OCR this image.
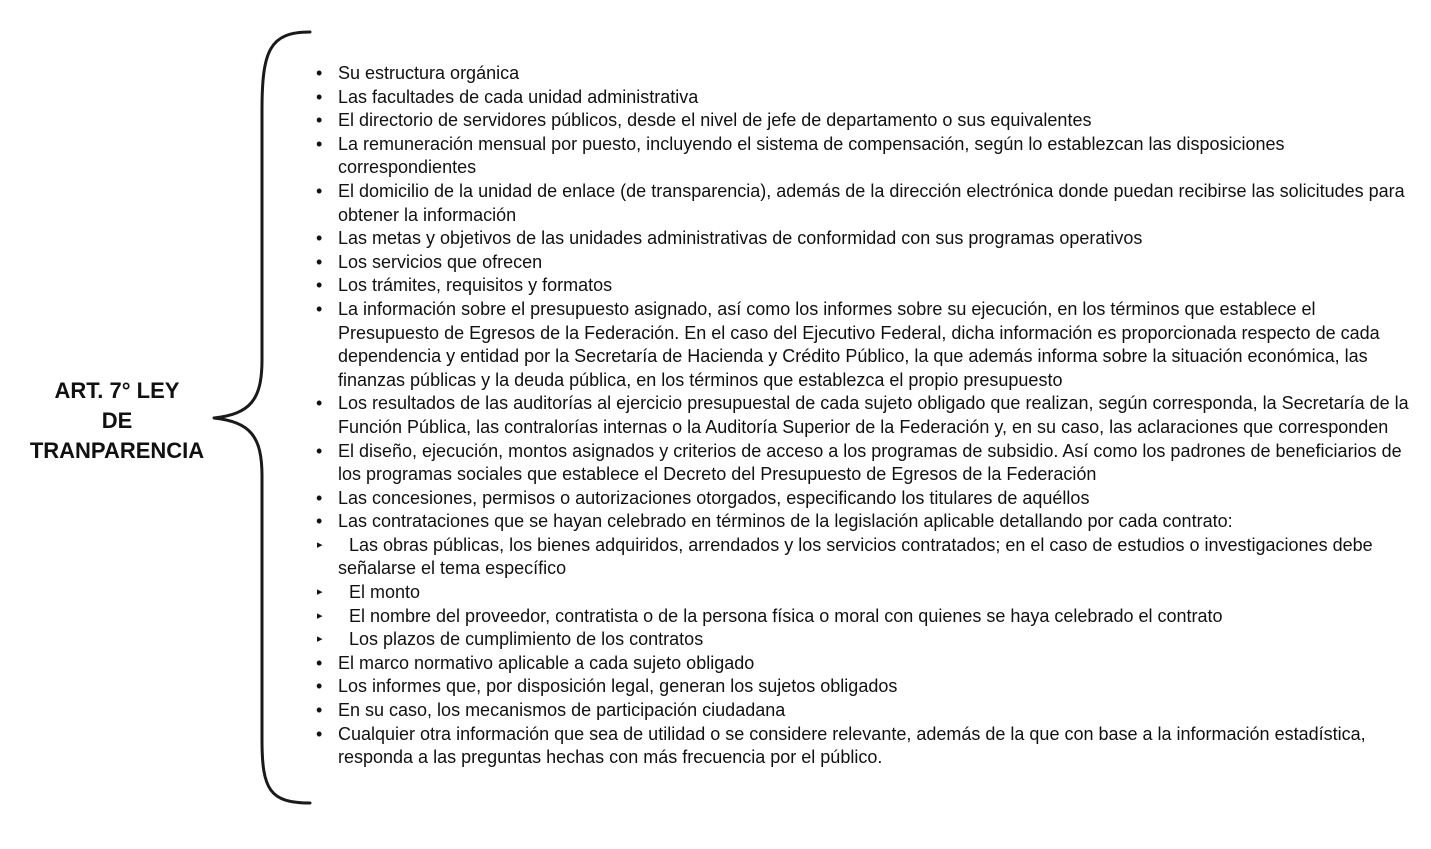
ART. 7° LEY
DE
TRANPARENCIA
• Su estructura orgánica
• Las facultades de cada unidad administrativa
• El directorio de servidores públicos, desde el nivel de jefe de departamento o sus equivalentes
• La remuneración mensual por puesto, incluyendo el sistema de compensación, según lo establezcan las disposiciones correspondientes
• El domicilio de la unidad de enlace (de transparencia), además de la dirección electrónica donde puedan recibirse las solicitudes para obtener la información
• Las metas y objetivos de las unidades administrativas de conformidad con sus programas operativos
• Los servicios que ofrecen
• Los trámites, requisitos y formatos
• La información sobre el presupuesto asignado, así como los informes sobre su ejecución, en los términos que establece el Presupuesto de Egresos de la Federación. En el caso del Ejecutivo Federal, dicha información es proporcionada respecto de cada dependencia y entidad por la Secretaría de Hacienda y Crédito Público, la que además informa sobre la situación económica, las finanzas públicas y la deuda pública, en los términos que establezca el propio presupuesto
• Los resultados de las auditorías al ejercicio presupuestal de cada sujeto obligado que realizan, según corresponda, la Secretaría de la Función Pública, las contralorías internas o la Auditoría Superior de la Federación y, en su caso, las aclaraciones que corresponden
• El diseño, ejecución, montos asignados y criterios de acceso a los programas de subsidio. Así como los padrones de beneficiarios de los programas sociales que establece el Decreto del Presupuesto de Egresos de la Federación
• Las concesiones, permisos o autorizaciones otorgados, especificando los titulares de aquéllos
• Las contrataciones que se hayan celebrado en términos de la legislación aplicable detallando por cada contrato:
▸	Las obras públicas, los bienes adquiridos, arrendados y los servicios contratados; en el caso de estudios o investigaciones debe señalarse el tema específico
▸	El monto
▸	El nombre del proveedor, contratista o de la persona física o moral con quienes se haya celebrado el contrato
▸	Los plazos de cumplimiento de los contratos
• El marco normativo aplicable a cada sujeto obligado
• Los informes que, por disposición legal, generan los sujetos obligados
• En su caso, los mecanismos de participación ciudadana
• Cualquier otra información que sea de utilidad o se considere relevante, además de la que con base a la información estadística, responda a las preguntas hechas con más frecuencia por el público.
